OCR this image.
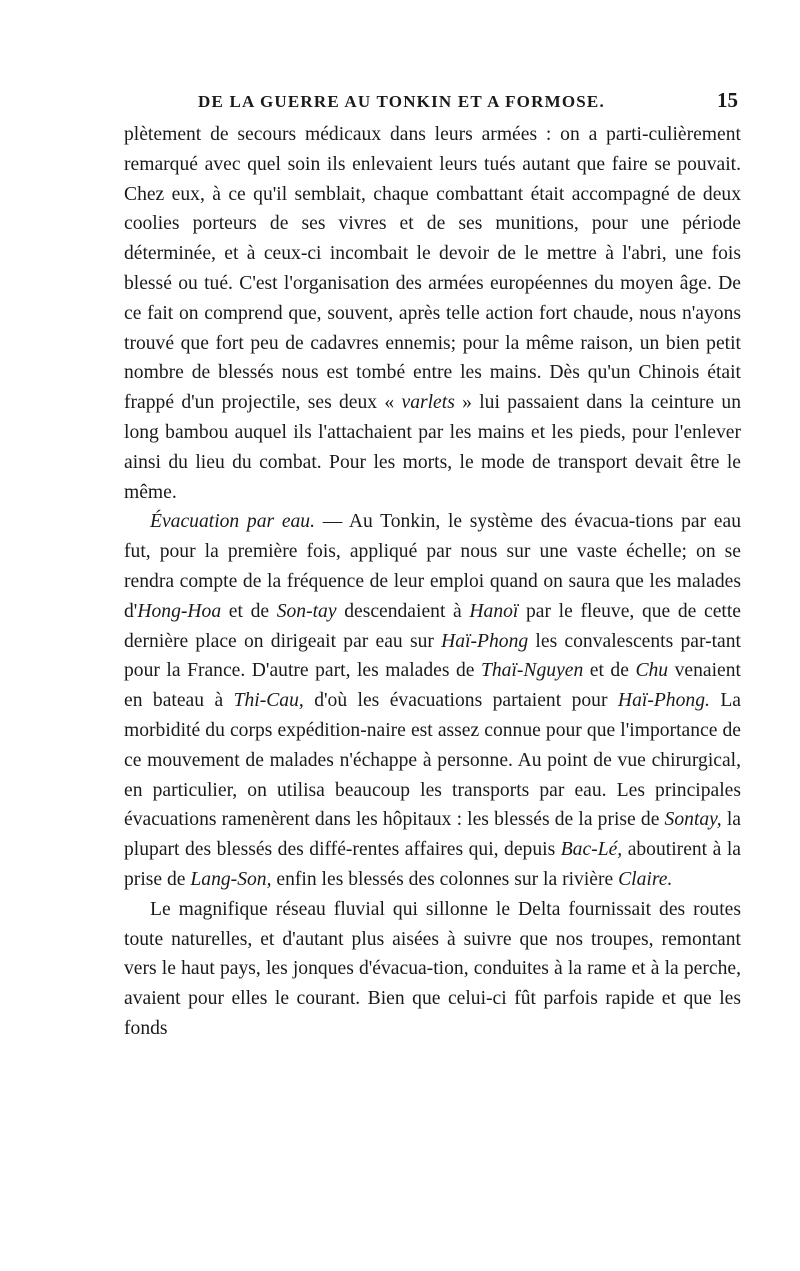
DE LA GUERRE AU TONKIN ET A FORMOSE.	15

plètement de secours médicaux dans leurs armées : on a parti-culièrement remarqué avec quel soin ils enlevaient leurs tués autant que faire se pouvait. Chez eux, à ce qu'il semblait, chaque combattant était accompagné de deux coolies porteurs de ses vivres et de ses munitions, pour une période déterminée, et à ceux-ci incombait le devoir de le mettre à l'abri, une fois blessé ou tué. C'est l'organisation des armées européennes du moyen âge. De ce fait on comprend que, souvent, après telle action fort chaude, nous n'ayons trouvé que fort peu de cadavres ennemis; pour la même raison, un bien petit nombre de blessés nous est tombé entre les mains. Dès qu'un Chinois était frappé d'un projectile, ses deux « varlets » lui passaient dans la ceinture un long bambou auquel ils l'attachaient par les mains et les pieds, pour l'enlever ainsi du lieu du combat. Pour les morts, le mode de transport devait être le même.

Évacuation par eau. — Au Tonkin, le système des évacua-tions par eau fut, pour la première fois, appliqué par nous sur une vaste échelle; on se rendra compte de la fréquence de leur emploi quand on saura que les malades d'Hong-Hoa et de Son-tay descendaient à Hanoï par le fleuve, que de cette dernière place on dirigeait par eau sur Haï-Phong les convalescents par-tant pour la France. D'autre part, les malades de Thaï-Nguyen et de Chu venaient en bateau à Thi-Cau, d'où les évacuations partaient pour Haï-Phong. La morbidité du corps expédition-naire est assez connue pour que l'importance de ce mouvement de malades n'échappe à personne. Au point de vue chirurgical, en particulier, on utilisa beaucoup les transports par eau. Les principales évacuations ramenèrent dans les hôpitaux : les blessés de la prise de Sontay, la plupart des blessés des diffé-rentes affaires qui, depuis Bac-Lé, aboutirent à la prise de Lang-Son, enfin les blessés des colonnes sur la rivière Claire.

Le magnifique réseau fluvial qui sillonne le Delta fournissait des routes toute naturelles, et d'autant plus aisées à suivre que nos troupes, remontant vers le haut pays, les jonques d'évacua-tion, conduites à la rame et à la perche, avaient pour elles le courant. Bien que celui-ci fût parfois rapide et que les fonds
